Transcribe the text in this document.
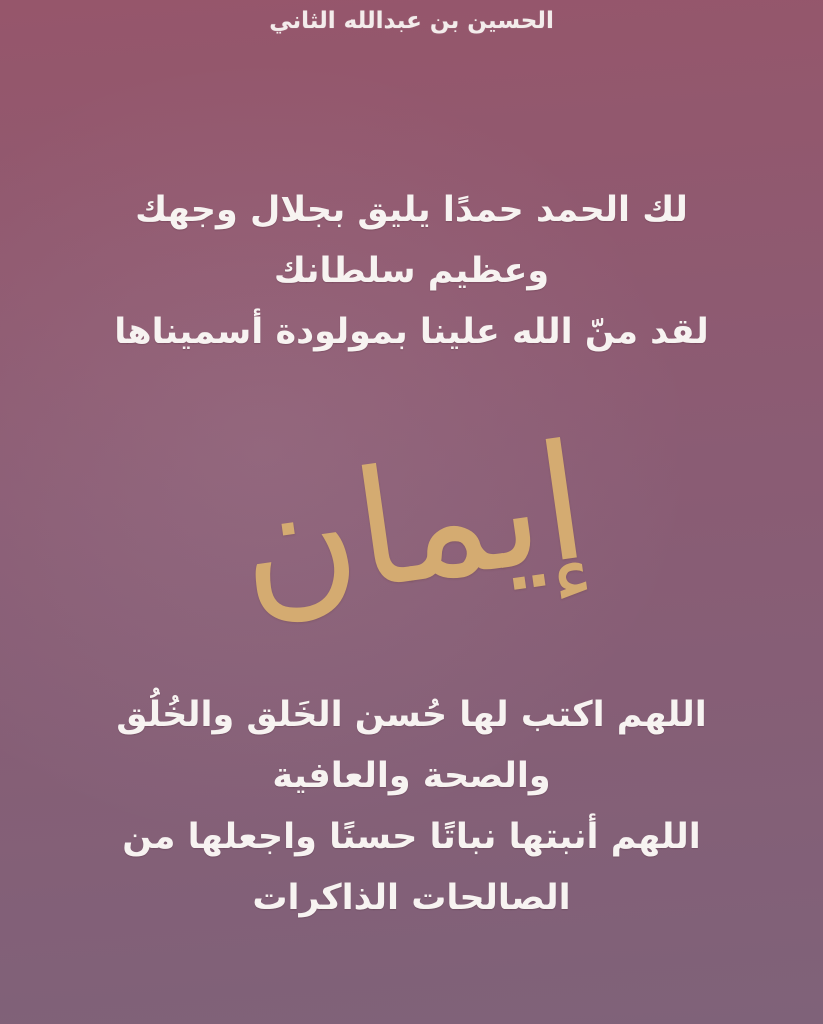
الحسين بن عبدالله الثاني
لك الحمد حمدًا يليق بجلال وجهك
وعظيم سلطانك
لقد منّ الله علينا بمولودة أسميناها
إيمان
اللهم اكتب لها حُسن الخَلق والخُلُق
والصحة والعافية
اللهم أنبتها نباتًا حسنًا واجعلها من
الصالحات الذاكرات
